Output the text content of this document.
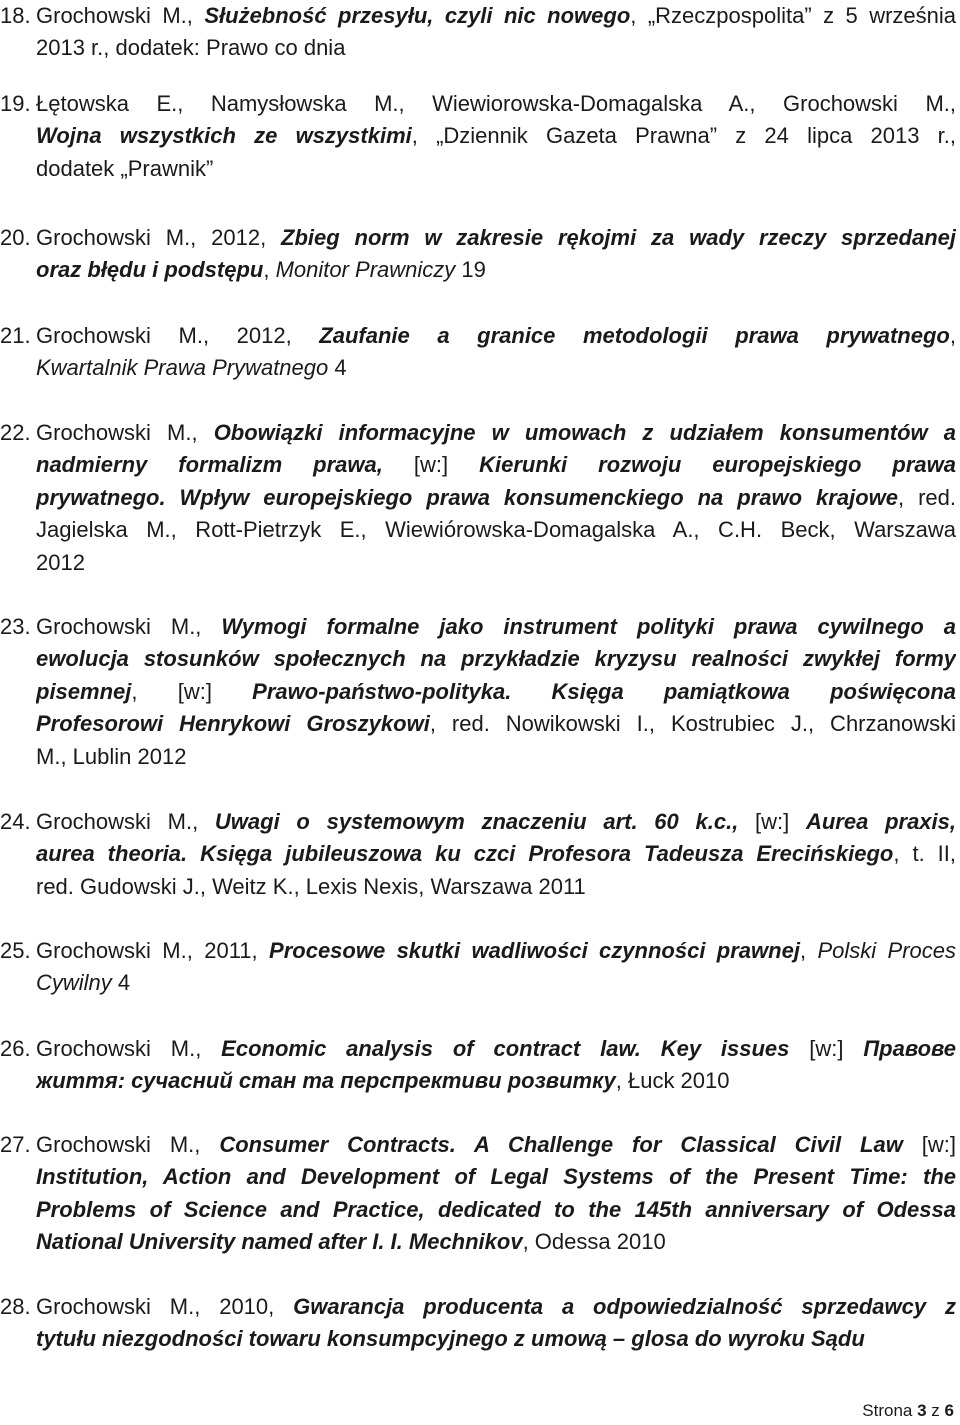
18. Grochowski M., Służebność przesyłu, czyli nic nowego, „Rzeczpospolita” z 5 września
2013 r., dodatek: Prawo co dnia
19. Łętowska E., Namysłowska M., Wiewiorowska-Domagalska A., Grochowski M.,
Wojna wszystkich ze wszystkimi, „Dziennik Gazeta Prawna” z 24 lipca 2013 r.,
dodatek „Prawnik”
20. Grochowski M., 2012, Zbieg norm w zakresie rękojmi za wady rzeczy sprzedanej
oraz błędu i podstępu, Monitor Prawniczy 19
21. Grochowski M., 2012, Zaufanie a granice metodologii prawa prywatnego,
Kwartalnik Prawa Prywatnego 4
22. Grochowski M., Obowiązki informacyjne w umowach z udziałem konsumentów a
nadmierny formalizm prawa, [w:] Kierunki rozwoju europejskiego prawa
prywatnego. Wpływ europejskiego prawa konsumenckiego na prawo krajowe, red.
Jagielska M., Rott-Pietrzyk E., Wiewiórowska-Domagalska A., C.H. Beck, Warszawa
2012
23. Grochowski M., Wymogi formalne jako instrument polityki prawa cywilnego a
ewolucja stosunków społecznych na przykładzie kryzysu realności zwykłej formy
pisemnej, [w:] Prawo-państwo-polityka. Księga pamiątkowa poświęcona
Profesorowi Henrykowi Groszykowi, red. Nowikowski I., Kostrubiec J., Chrzanowski
M., Lublin 2012
24. Grochowski M., Uwagi o systemowym znaczeniu art. 60 k.c., [w:] Aurea praxis,
aurea theoria. Księga jubileuszowa ku czci Profesora Tadeusza Erecińskiego, t. II,
red. Gudowski J., Weitz K., Lexis Nexis, Warszawa 2011
25. Grochowski M., 2011, Procesowe skutki wadliwości czynności prawnej, Polski Proces
Cywilny 4
26. Grochowski M., Economic analysis of contract law. Key issues [w:] Правове
життя: сучасний стан та перспрективи розвитку, Łuck 2010
27. Grochowski M., Consumer Contracts. A Challenge for Classical Civil Law [w:]
Institution, Action and Development of Legal Systems of the Present Time: the
Problems of Science and Practice, dedicated to the 145th anniversary of Odessa
National University named after I. I. Mechnikov, Odessa 2010
28. Grochowski M., 2010, Gwarancja producenta a odpowiedzialność sprzedawcy z
tytułu niezgodności towaru konsumpcyjnego z umową – glosa do wyroku Sądu
Strona 3 z 6
